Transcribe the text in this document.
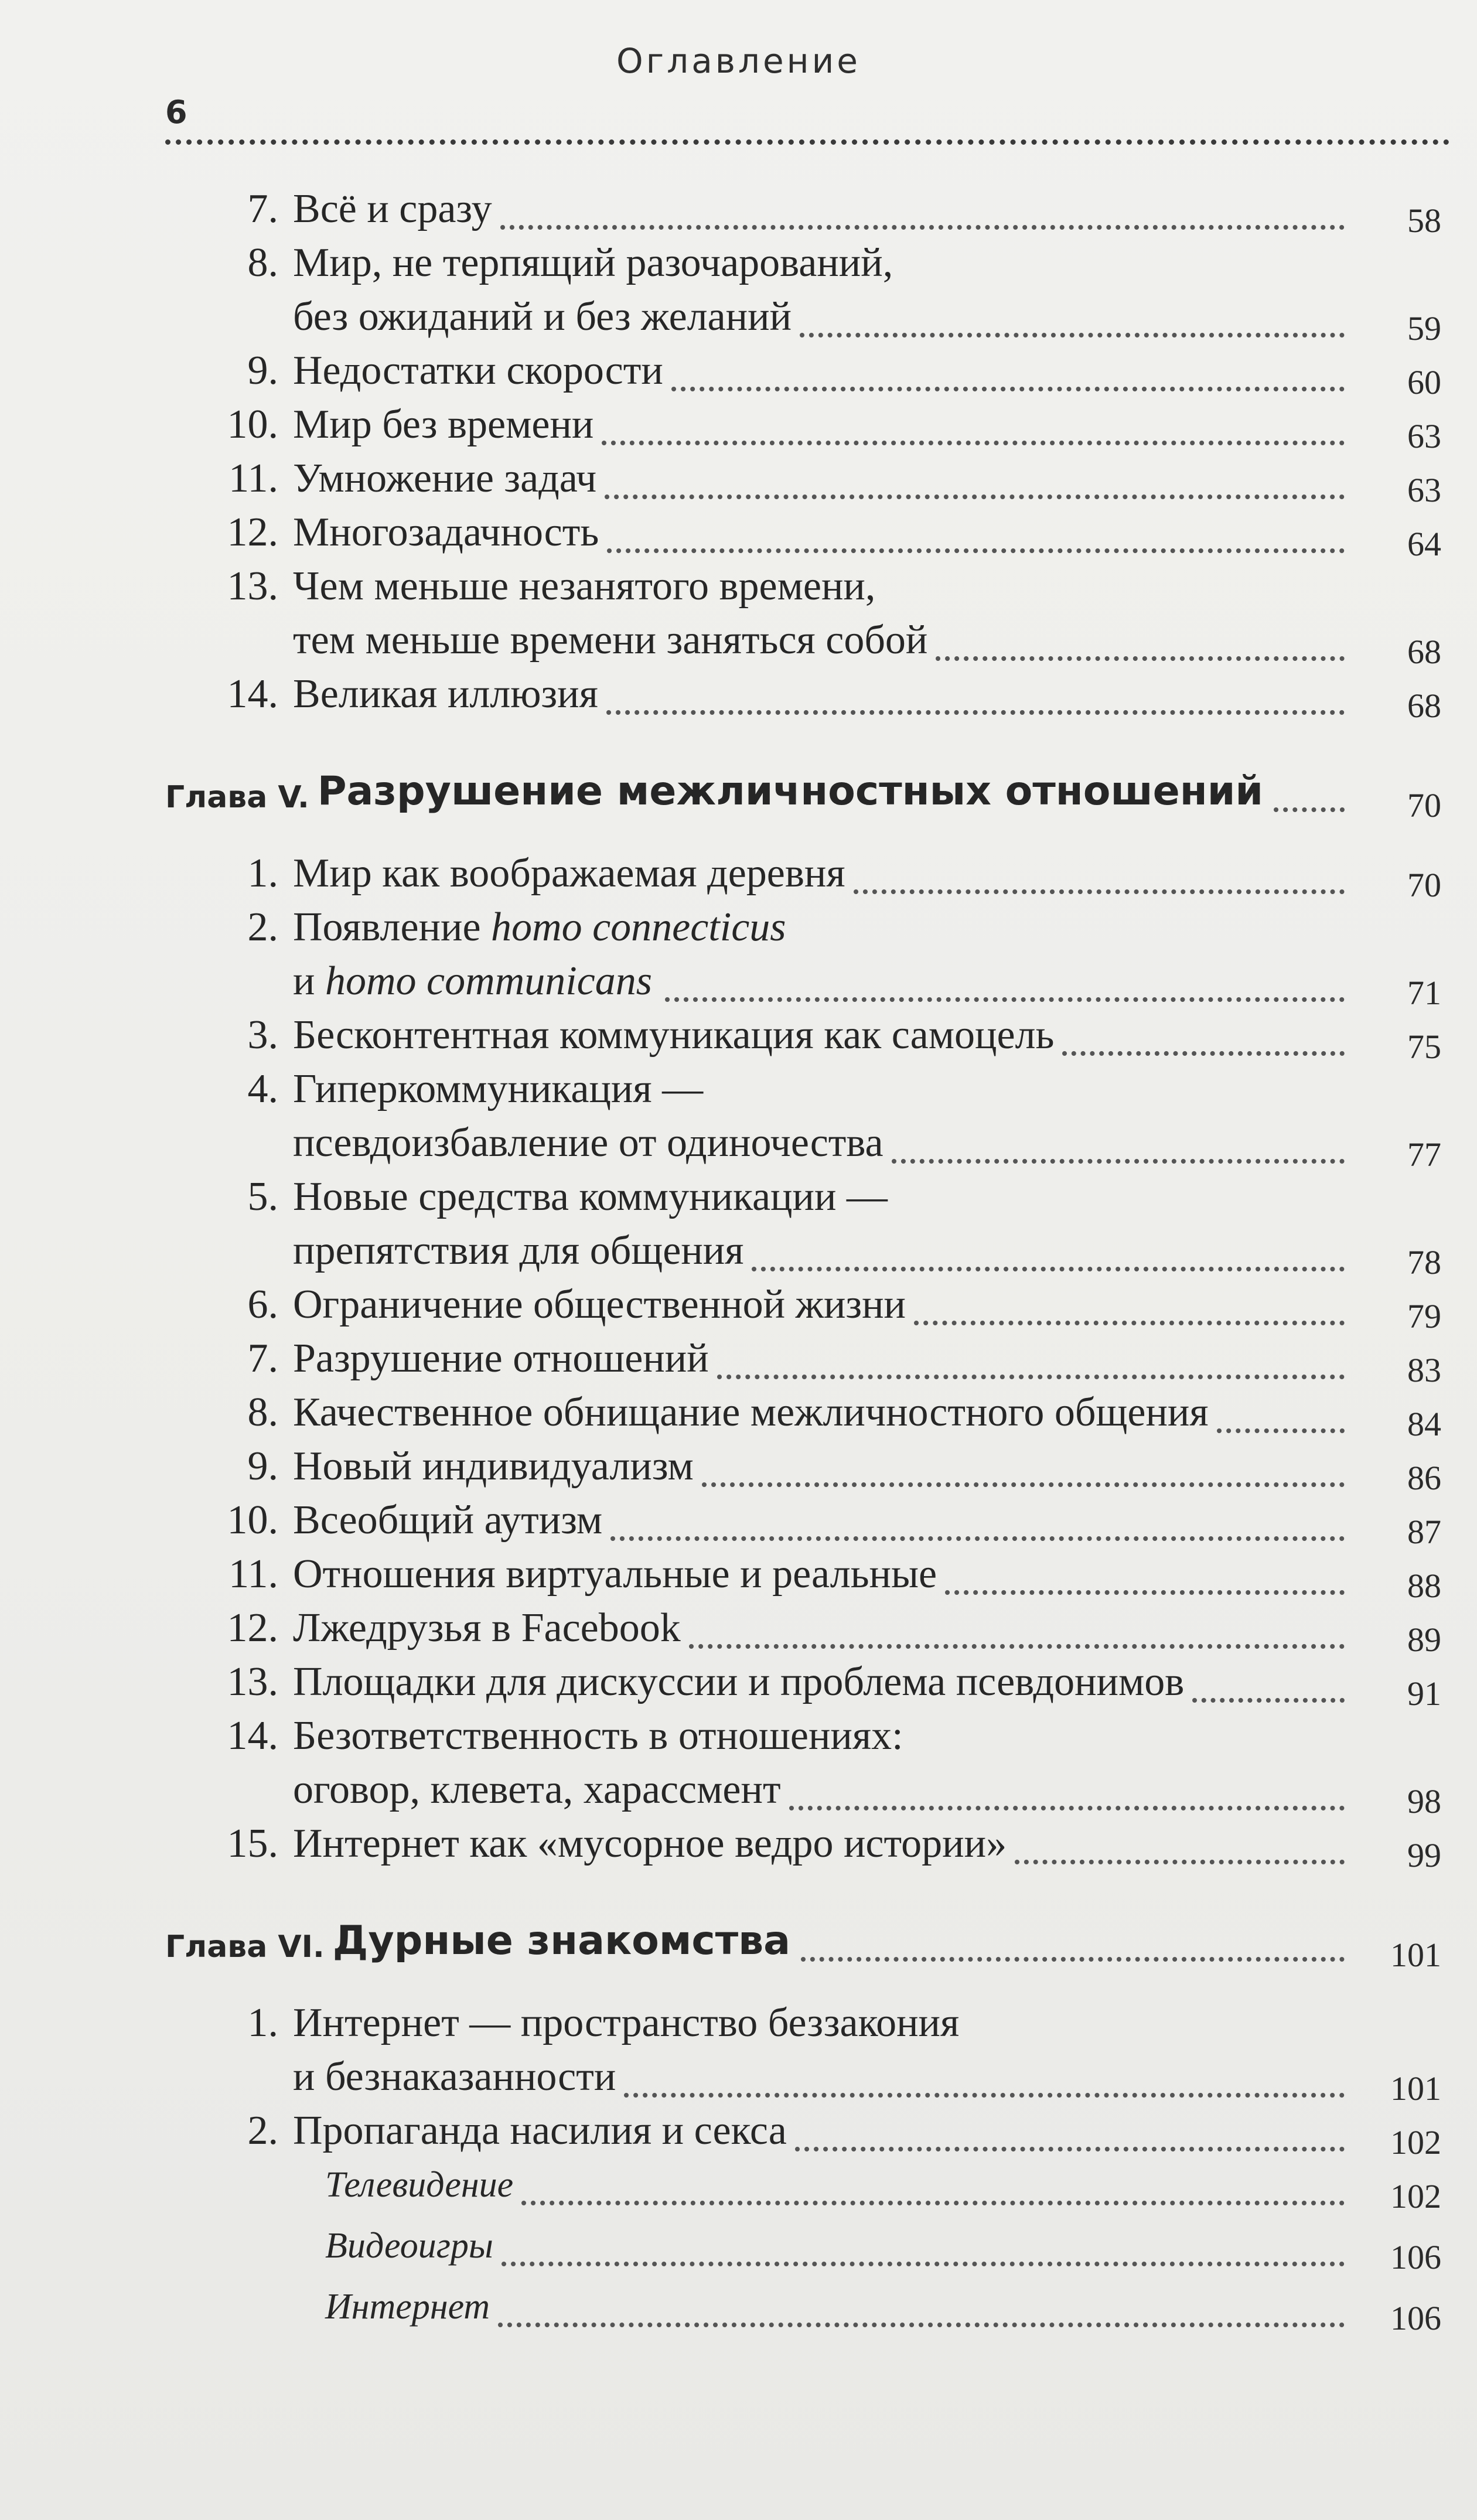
Оглавление
6
7. Всё и сразу	58
8. Мир, не терпящий разочарований,
без ожиданий и без желаний	59
9. Недостатки скорости	60
10. Мир без времени	63
11. Умножение задач	63
12. Многозадачность	64
13. Чем меньше незанятого времени,
тем меньше времени заняться собой	68
14. Великая иллюзия	68
Глава V. Разрушение межличностных отношений	70
1. Мир как воображаемая деревня	70
2. Появление homo connecticus
и homo communicans	71
3. Бесконтентная коммуникация как самоцель	75
4. Гиперкоммуникация —
псевдоизбавление от одиночества	77
5. Новые средства коммуникации —
препятствия для общения	78
6. Ограничение общественной жизни	79
7. Разрушение отношений	83
8. Качественное обнищание межличностного общения	84
9. Новый индивидуализм	86
10. Всеобщий аутизм	87
11. Отношения виртуальные и реальные	88
12. Лжедрузья в Facebook	89
13. Площадки для дискуссии и проблема псевдонимов	91
14. Безответственность в отношениях:
оговор, клевета, харассмент	98
15. Интернет как «мусорное ведро истории»	99
Глава VI. Дурные знакомства	101
1. Интернет — пространство беззакония
и безнаказанности	101
2. Пропаганда насилия и секса	102
Телевидение	102
Видеоигры	106
Интернет	106
